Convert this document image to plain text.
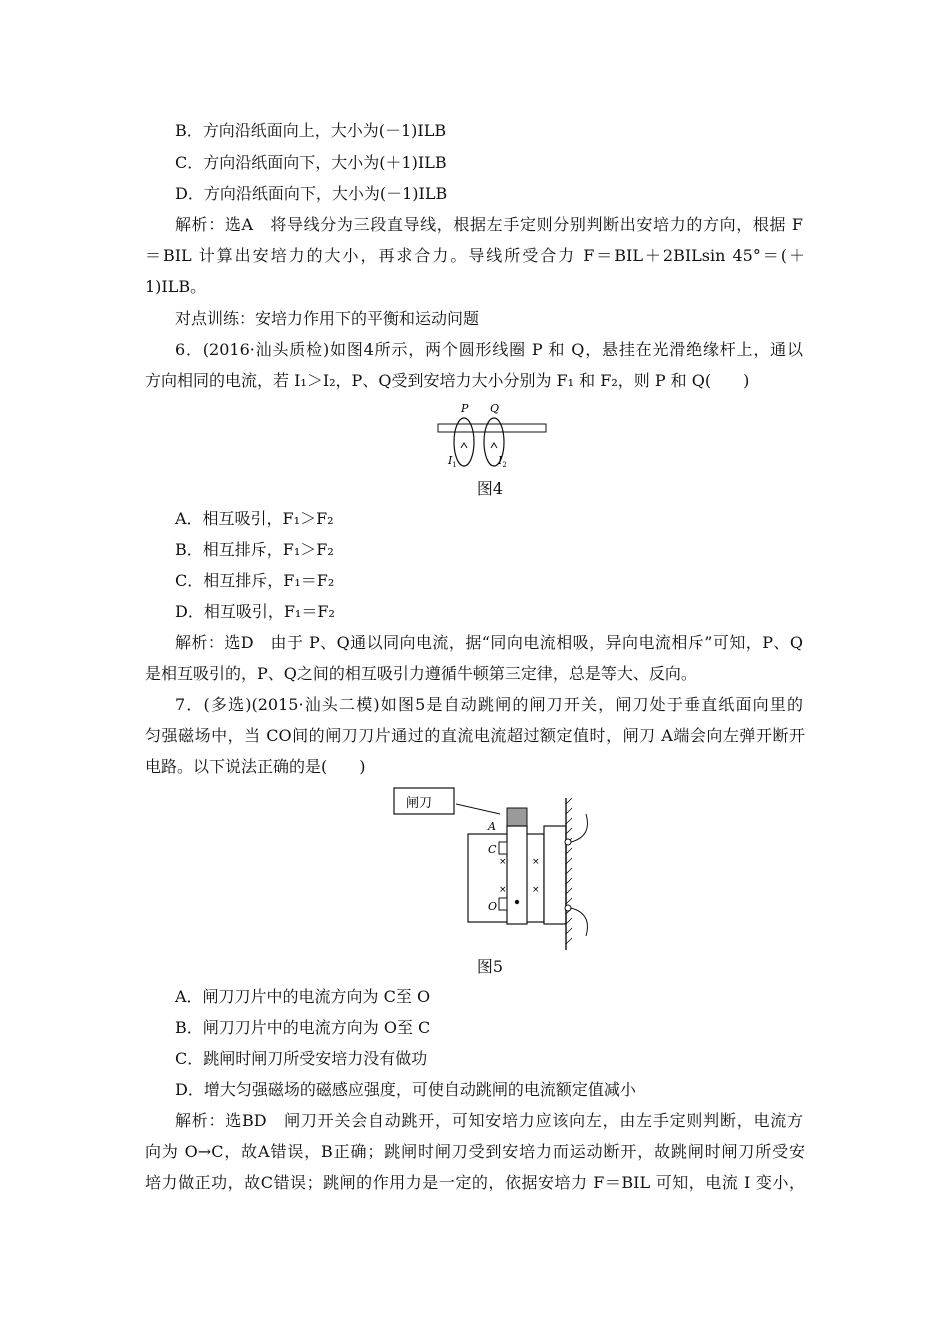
B．方向沿纸面向上，大小为(－1)ILB
C．方向沿纸面向下，大小为(＋1)ILB
D．方向沿纸面向下，大小为(－1)ILB
解析：选A　将导线分为三段直导线，根据左手定则分别判断出安培力的方向，根据 F
＝BIL 计算出安培力的大小，再求合力。导线所受合力 F＝BIL＋2BILsin 45°＝(＋
1)ILB。
对点训练：安培力作用下的平衡和运动问题
6．(2016·汕头质检)如图4所示，两个圆形线圈 P 和 Q，悬挂在光滑绝缘杆上，通以
方向相同的电流，若 I₁＞I₂，P、Q受到安培力大小分别为 F₁ 和 F₂，则 P 和 Q(　　)
P Q
$I_1$	$I_2$
图4
A．相互吸引，F₁＞F₂
B．相互排斥，F₁＞F₂
C．相互排斥，F₁＝F₂
D．相互吸引，F₁＝F₂
解析：选D　由于 P、Q通以同向电流，据“同向电流相吸，异向电流相斥”可知，P、Q
是相互吸引的，P、Q之间的相互吸引力遵循牛顿第三定律，总是等大、反向。
7．(多选)(2015·汕头二模)如图5是自动跳闸的闸刀开关，闸刀处于垂直纸面向里的
匀强磁场中，当 CO间的闸刀刀片通过的直流电流超过额定值时，闸刀 A端会向左弹开断开
电路。以下说法正确的是(　　)
闸刀
×	×
×	×
A
C
O
图5
A．闸刀刀片中的电流方向为 C至 O
B．闸刀刀片中的电流方向为 O至 C
C．跳闸时闸刀所受安培力没有做功
D．增大匀强磁场的磁感应强度，可使自动跳闸的电流额定值减小
解析：选BD　闸刀开关会自动跳开，可知安培力应该向左，由左手定则判断，电流方
向为 O→C，故A错误，B正确；跳闸时闸刀受到安培力而运动断开，故跳闸时闸刀所受安
培力做正功，故C错误；跳闸的作用力是一定的，依据安培力 F＝BIL 可知，电流 I 变小，
